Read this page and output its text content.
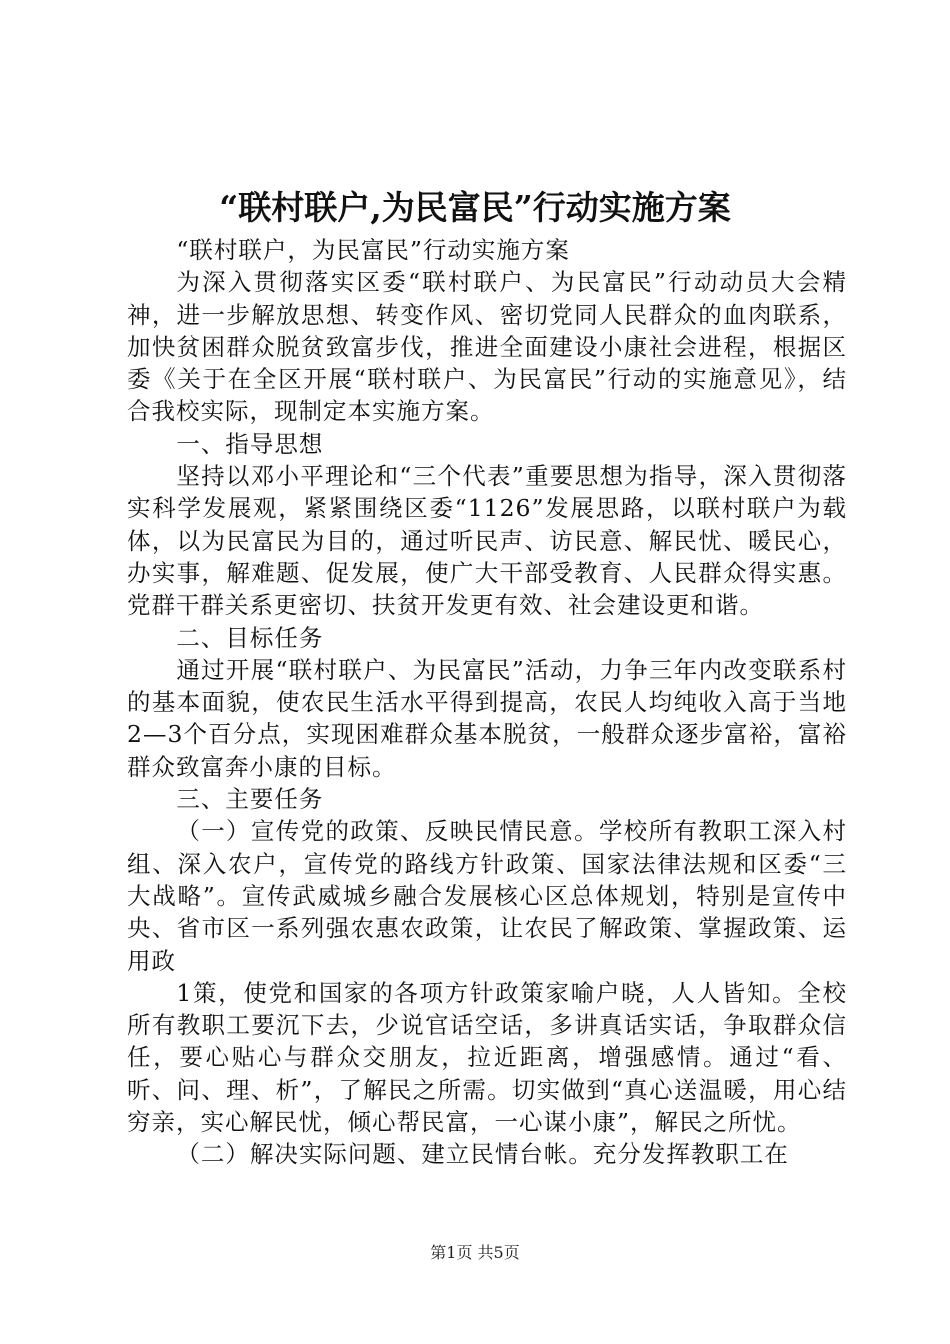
“联村联户,为民富民”行动实施方案

“联村联户，为民富民”行动实施方案

为深入贯彻落实区委“联村联户、为民富民”行动动员大会精神，进一步解放思想、转变作风、密切党同人民群众的血肉联系，加快贫困群众脱贫致富步伐，推进全面建设小康社会进程，根据区委《关于在全区开展“联村联户、为民富民”行动的实施意见》，结合我校实际，现制定本实施方案。

一、指导思想

坚持以邓小平理论和“三个代表”重要思想为指导，深入贯彻落实科学发展观，紧紧围绕区委“1126”发展思路，以联村联户为载体，以为民富民为目的，通过听民声、访民意、解民忧、暖民心，办实事，解难题、促发展，使广大干部受教育、人民群众得实惠。党群干群关系更密切、扶贫开发更有效、社会建设更和谐。

二、目标任务

通过开展“联村联户、为民富民”活动，力争三年内改变联系村的基本面貌，使农民生活水平得到提高，农民人均纯收入高于当地2—3个百分点，实现困难群众基本脱贫，一般群众逐步富裕，富裕群众致富奔小康的目标。

三、主要任务

（一）宣传党的政策、反映民情民意。学校所有教职工深入村组、深入农户，宣传党的路线方针政策、国家法律法规和区委“三大战略”。宣传武威城乡融合发展核心区总体规划，特别是宣传中央、省市区一系列强农惠农政策，让农民了解政策、掌握政策、运用政

1策，使党和国家的各项方针政策家喻户晓，人人皆知。全校所有教职工要沉下去，少说官话空话，多讲真话实话，争取群众信任，要心贴心与群众交朋友，拉近距离，增强感情。通过“看、听、问、理、析”，了解民之所需。切实做到“真心送温暖，用心结穷亲，实心解民忧，倾心帮民富，一心谋小康”，解民之所忧。

（二）解决实际问题、建立民情台帐。充分发挥教职工在

第1页 共5页
